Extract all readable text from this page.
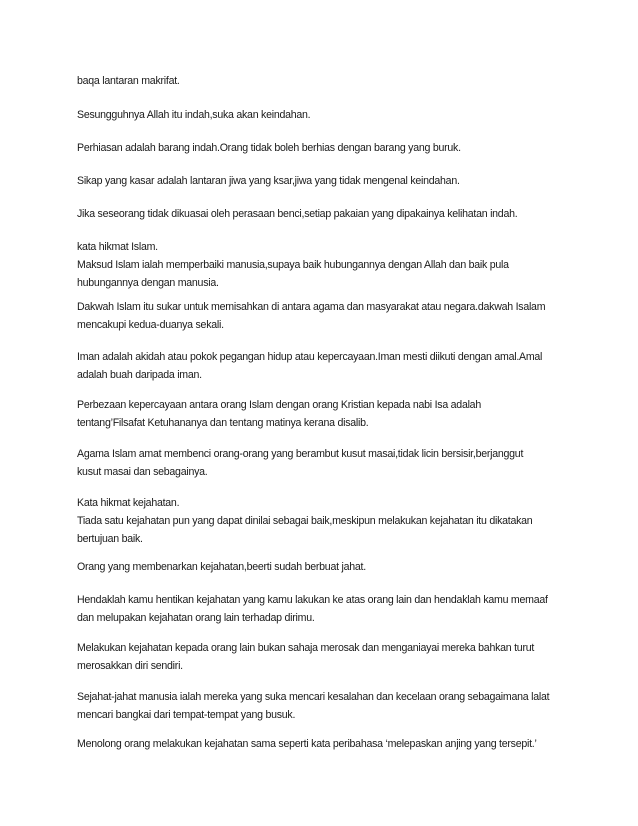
baqa lantaran makrifat.
Sesungguhnya Allah itu indah,suka akan keindahan.
Perhiasan adalah barang indah.Orang tidak boleh berhias dengan barang yang buruk.
Sikap yang kasar adalah lantaran jiwa yang ksar,jiwa yang tidak mengenal keindahan.
Jika seseorang tidak dikuasai oleh perasaan benci,setiap pakaian yang dipakainya kelihatan indah.
kata hikmat Islam.
Maksud Islam ialah memperbaiki manusia,supaya baik hubungannya dengan Allah dan baik pula
hubungannya dengan manusia.
Dakwah Islam itu sukar untuk memisahkan di antara agama dan masyarakat atau negara.dakwah Isalam
mencakupi kedua-duanya sekali.
Iman adalah akidah atau pokok pegangan hidup atau kepercayaan.Iman mesti diikuti dengan amal.Amal
adalah buah daripada iman.
Perbezaan kepercayaan antara orang Islam dengan orang Kristian kepada nabi Isa adalah
tentang’Filsafat Ketuhananya dan tentang matinya kerana disalib.
Agama Islam amat membenci orang-orang yang berambut kusut masai,tidak licin bersisir,berjanggut
kusut masai dan sebagainya.
Kata hikmat kejahatan.
Tiada satu kejahatan pun yang dapat dinilai sebagai baik,meskipun melakukan kejahatan itu dikatakan
bertujuan baik.
Orang yang membenarkan kejahatan,beerti sudah berbuat jahat.
Hendaklah kamu hentikan kejahatan yang kamu lakukan ke atas orang lain dan hendaklah kamu memaaf
dan melupakan kejahatan orang lain terhadap dirimu.
Melakukan kejahatan kepada orang lain bukan sahaja merosak dan menganiayai mereka bahkan turut
merosakkan diri sendiri.
Sejahat-jahat manusia ialah mereka yang suka mencari kesalahan dan kecelaan orang sebagaimana lalat
mencari bangkai dari tempat-tempat yang busuk.
Menolong orang melakukan kejahatan sama seperti kata peribahasa ‘melepaskan anjing yang tersepit.’
